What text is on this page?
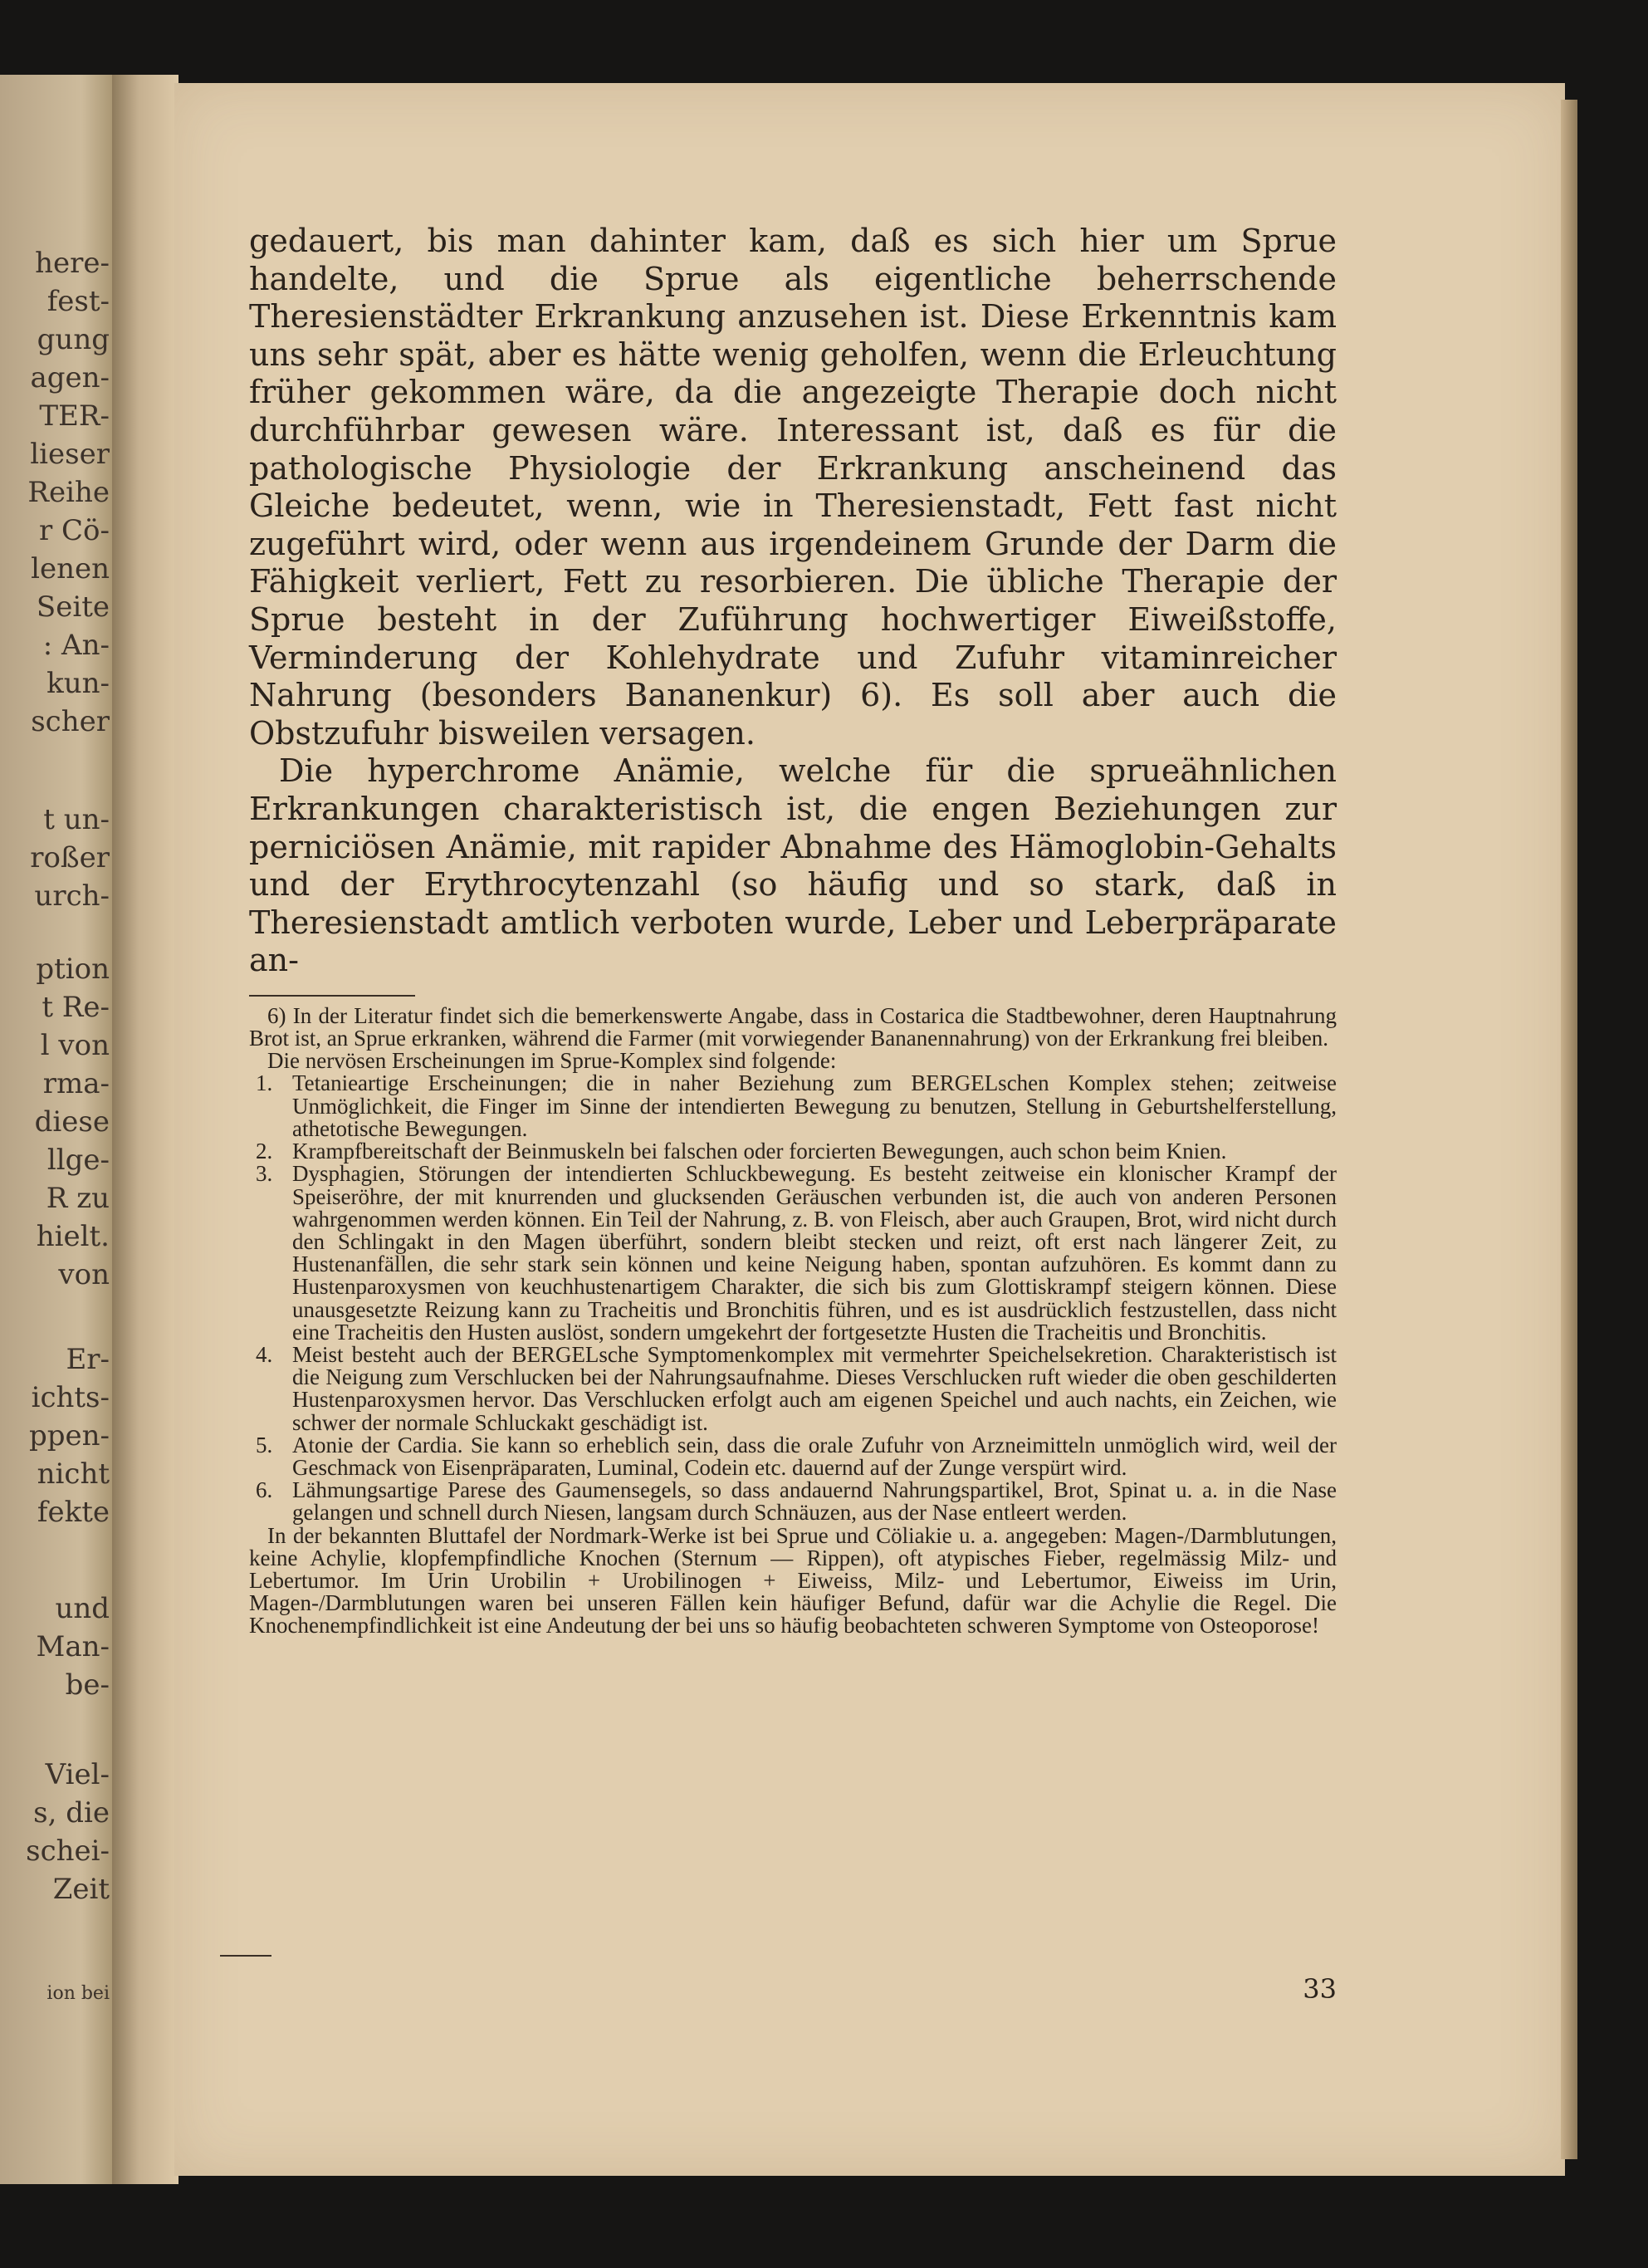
here-
fest-
gung
agen-
TER-
lieser
Reihe
r Cö-
lenen
Seite
: An-
kun-
scher
t un-
roßer
urch-
ption
t Re-
l von
rma-
diese
llge-
R zu
hielt.
von
Er-
ichts-
ppen-
nicht
fekte
und
Man-
be-
Viel-
s, die
schei-
Zeit
ion bei

gedauert, bis man dahinter kam, daß es sich hier um Sprue handelte, und die Sprue als eigentliche beherrschende Theresienstädter Erkrankung anzusehen ist. Diese Erkenntnis kam uns sehr spät, aber es hätte wenig geholfen, wenn die Erleuchtung früher gekommen wäre, da die angezeigte Therapie doch nicht durchführbar gewesen wäre. Interessant ist, daß es für die pathologische Physiologie der Erkrankung anscheinend das Gleiche bedeutet, wenn, wie in Theresienstadt, Fett fast nicht zugeführt wird, oder wenn aus irgendeinem Grunde der Darm die Fähigkeit verliert, Fett zu resorbieren. Die übliche Therapie der Sprue besteht in der Zuführung hochwertiger Eiweißstoffe, Verminderung der Kohlehydrate und Zufuhr vitaminreicher Nahrung (besonders Bananenkur) 6). Es soll aber auch die Obstzufuhr bisweilen versagen.

Die hyperchrome Anämie, welche für die sprueähnlichen Erkrankungen charakteristisch ist, die engen Beziehungen zur perniciösen Anämie, mit rapider Abnahme des Hämoglobin-Gehalts und der Erythrocytenzahl (so häufig und so stark, daß in Theresienstadt amtlich verboten wurde, Leber und Leberpräparate an-

6) In der Literatur findet sich die bemerkenswerte Angabe, dass in Costarica die Stadtbewohner, deren Hauptnahrung Brot ist, an Sprue erkranken, während die Farmer (mit vorwiegender Bananennahrung) von der Erkrankung frei bleiben.

Die nervösen Erscheinungen im Sprue-Komplex sind folgende:

1. Tetanieartige Erscheinungen; die in naher Beziehung zum BERGELschen Komplex stehen; zeitweise Unmöglichkeit, die Finger im Sinne der intendierten Bewegung zu benutzen, Stellung in Geburtshelferstellung, athetotische Bewegungen.
2. Krampfbereitschaft der Beinmuskeln bei falschen oder forcierten Bewegungen, auch schon beim Knien.
3. Dysphagien, Störungen der intendierten Schluckbewegung. Es besteht zeitweise ein klonischer Krampf der Speiseröhre, der mit knurrenden und glucksenden Geräuschen verbunden ist, die auch von anderen Personen wahrgenommen werden können. Ein Teil der Nahrung, z. B. von Fleisch, aber auch Graupen, Brot, wird nicht durch den Schlingakt in den Magen überführt, sondern bleibt stecken und reizt, oft erst nach längerer Zeit, zu Hustenanfällen, die sehr stark sein können und keine Neigung haben, spontan aufzuhören. Es kommt dann zu Hustenparoxysmen von keuchhustenartigem Charakter, die sich bis zum Glottiskrampf steigern können. Diese unausgesetzte Reizung kann zu Tracheitis und Bronchitis führen, und es ist ausdrücklich festzustellen, dass nicht eine Tracheitis den Husten auslöst, sondern umgekehrt der fortgesetzte Husten die Tracheitis und Bronchitis.
4. Meist besteht auch der BERGELsche Symptomenkomplex mit vermehrter Speichelsekretion. Charakteristisch ist die Neigung zum Verschlucken bei der Nahrungsaufnahme. Dieses Verschlucken ruft wieder die oben geschilderten Hustenparoxysmen hervor. Das Verschlucken erfolgt auch am eigenen Speichel und auch nachts, ein Zeichen, wie schwer der normale Schluckakt geschädigt ist.
5. Atonie der Cardia. Sie kann so erheblich sein, dass die orale Zufuhr von Arzneimitteln unmöglich wird, weil der Geschmack von Eisenpräparaten, Luminal, Codein etc. dauernd auf der Zunge verspürt wird.
6. Lähmungsartige Parese des Gaumensegels, so dass andauernd Nahrungspartikel, Brot, Spinat u. a. in die Nase gelangen und schnell durch Niesen, langsam durch Schnäuzen, aus der Nase entleert werden.

In der bekannten Bluttafel der Nordmark-Werke ist bei Sprue und Cöliakie u. a. angegeben: Magen-/Darmblutungen, keine Achylie, klopfempfindliche Knochen (Sternum — Rippen), oft atypisches Fieber, regelmässig Milz- und Lebertumor. Im Urin Urobilin + Urobilinogen + Eiweiss, Milz- und Lebertumor, Eiweiss im Urin, Magen-/Darmblutungen waren bei unseren Fällen kein häufiger Befund, dafür war die Achylie die Regel. Die Knochenempfindlichkeit ist eine Andeutung der bei uns so häufig beobachteten schweren Symptome von Osteoporose!

33
